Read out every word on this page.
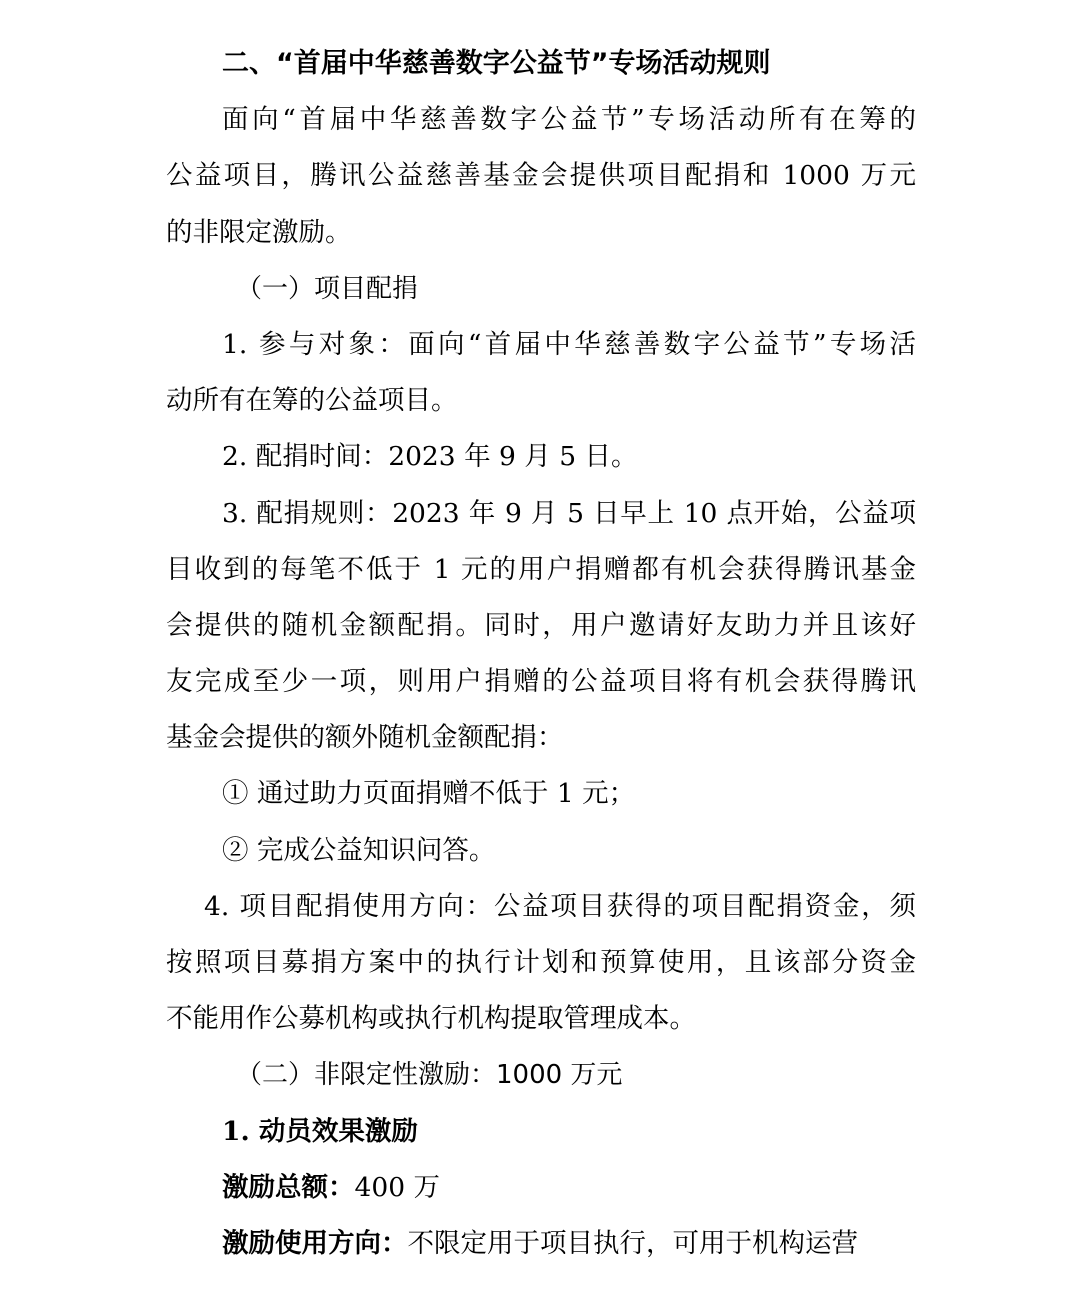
二、“首届中华慈善数字公益节”专场活动规则
面向“首届中华慈善数字公益节”专场活动所有在筹的
公益项目，腾讯公益慈善基金会提供项目配捐和 1000 万元
的非限定激励。
（一）项目配捐
1. 参与对象：面向“首届中华慈善数字公益节”专场活
动所有在筹的公益项目。
2. 配捐时间：2023 年 9 月 5 日。
3. 配捐规则：2023 年 9 月 5 日早上 10 点开始，公益项
目收到的每笔不低于 1 元的用户捐赠都有机会获得腾讯基金
会提供的随机金额配捐。同时，用户邀请好友助力并且该好
友完成至少一项，则用户捐赠的公益项目将有机会获得腾讯
基金会提供的额外随机金额配捐：
① 通过助力页面捐赠不低于 1 元；
② 完成公益知识问答。
4. 项目配捐使用方向：公益项目获得的项目配捐资金，须
按照项目募捐方案中的执行计划和预算使用，且该部分资金
不能用作公募机构或执行机构提取管理成本。
（二）非限定性激励：1000 万元
1. 动员效果激励
激励总额：400 万
激励使用方向：不限定用于项目执行，可用于机构运营
